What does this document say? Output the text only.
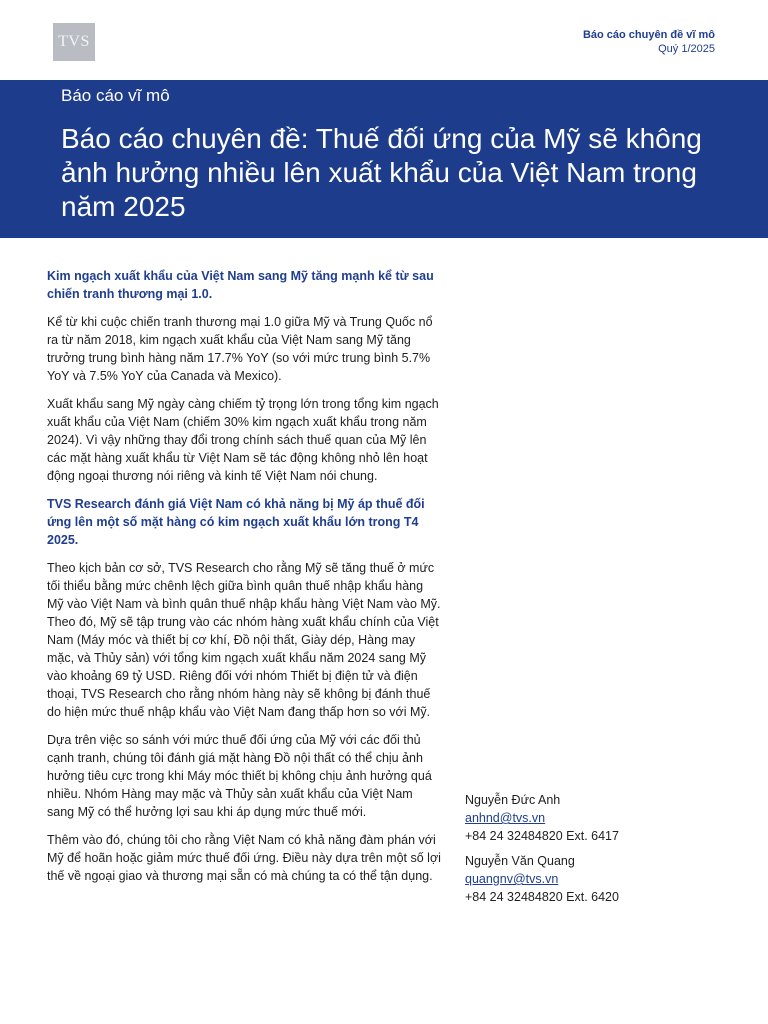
TVS	Báo cáo chuyên đề vĩ mô
Quý 1/2025
Báo cáo vĩ mô
Báo cáo chuyên đề: Thuế đối ứng của Mỹ sẽ không ảnh hưởng nhiều lên xuất khẩu của Việt Nam trong năm 2025

Kim ngạch xuất khẩu của Việt Nam sang Mỹ tăng mạnh kể từ sau chiến tranh thương mại 1.0.

Kể từ khi cuộc chiến tranh thương mại 1.0 giữa Mỹ và Trung Quốc nổ ra từ năm 2018, kim ngạch xuất khẩu của Việt Nam sang Mỹ tăng trưởng trung bình hàng năm 17.7% YoY (so với mức trung bình 5.7% YoY và 7.5% YoY của Canada và Mexico).

Xuất khẩu sang Mỹ ngày càng chiếm tỷ trọng lớn trong tổng kim ngạch xuất khẩu của Việt Nam (chiếm 30% kim ngạch xuất khẩu trong năm 2024). Vì vậy những thay đổi trong chính sách thuế quan của Mỹ lên các mặt hàng xuất khẩu từ Việt Nam sẽ tác động không nhỏ lên hoạt động ngoại thương nói riêng và kinh tế Việt Nam nói chung.

TVS Research đánh giá Việt Nam có khả năng bị Mỹ áp thuế đối ứng lên một số mặt hàng có kim ngạch xuất khẩu lớn trong T4 2025.

Theo kịch bản cơ sở, TVS Research cho rằng Mỹ sẽ tăng thuế ở mức tối thiểu bằng mức chênh lệch giữa bình quân thuế nhập khẩu hàng Mỹ vào Việt Nam và bình quân thuế nhập khẩu hàng Việt Nam vào Mỹ. Theo đó, Mỹ sẽ tập trung vào các nhóm hàng xuất khẩu chính của Việt Nam (Máy móc và thiết bị cơ khí, Đồ nội thất, Giày dép, Hàng may mặc, và Thủy sản) với tổng kim ngạch xuất khẩu năm 2024 sang Mỹ vào khoảng 69 tỷ USD. Riêng đối với nhóm Thiết bị điện tử và điện thoại, TVS Research cho rằng nhóm hàng này sẽ không bị đánh thuế do hiện mức thuế nhập khẩu vào Việt Nam đang thấp hơn so với Mỹ.

Dựa trên việc so sánh với mức thuế đối ứng của Mỹ với các đối thủ cạnh tranh, chúng tôi đánh giá mặt hàng Đồ nội thất có thể chịu ảnh hưởng tiêu cực trong khi Máy móc thiết bị không chịu ảnh hưởng quá nhiều. Nhóm Hàng may mặc và Thủy sản xuất khẩu của Việt Nam sang Mỹ có thể hưởng lợi sau khi áp dụng mức thuế mới.

Thêm vào đó, chúng tôi cho rằng Việt Nam có khả năng đàm phán với Mỹ để hoãn hoặc giảm mức thuế đối ứng. Điều này dựa trên một số lợi thế về ngoại giao và thương mại sẵn có mà chúng ta có thể tận dụng.

Nguyễn Đức Anh
anhnd@tvs.vn
+84 24 32484820 Ext. 6417
Nguyễn Văn Quang
quangnv@tvs.vn
+84 24 32484820 Ext. 6420
